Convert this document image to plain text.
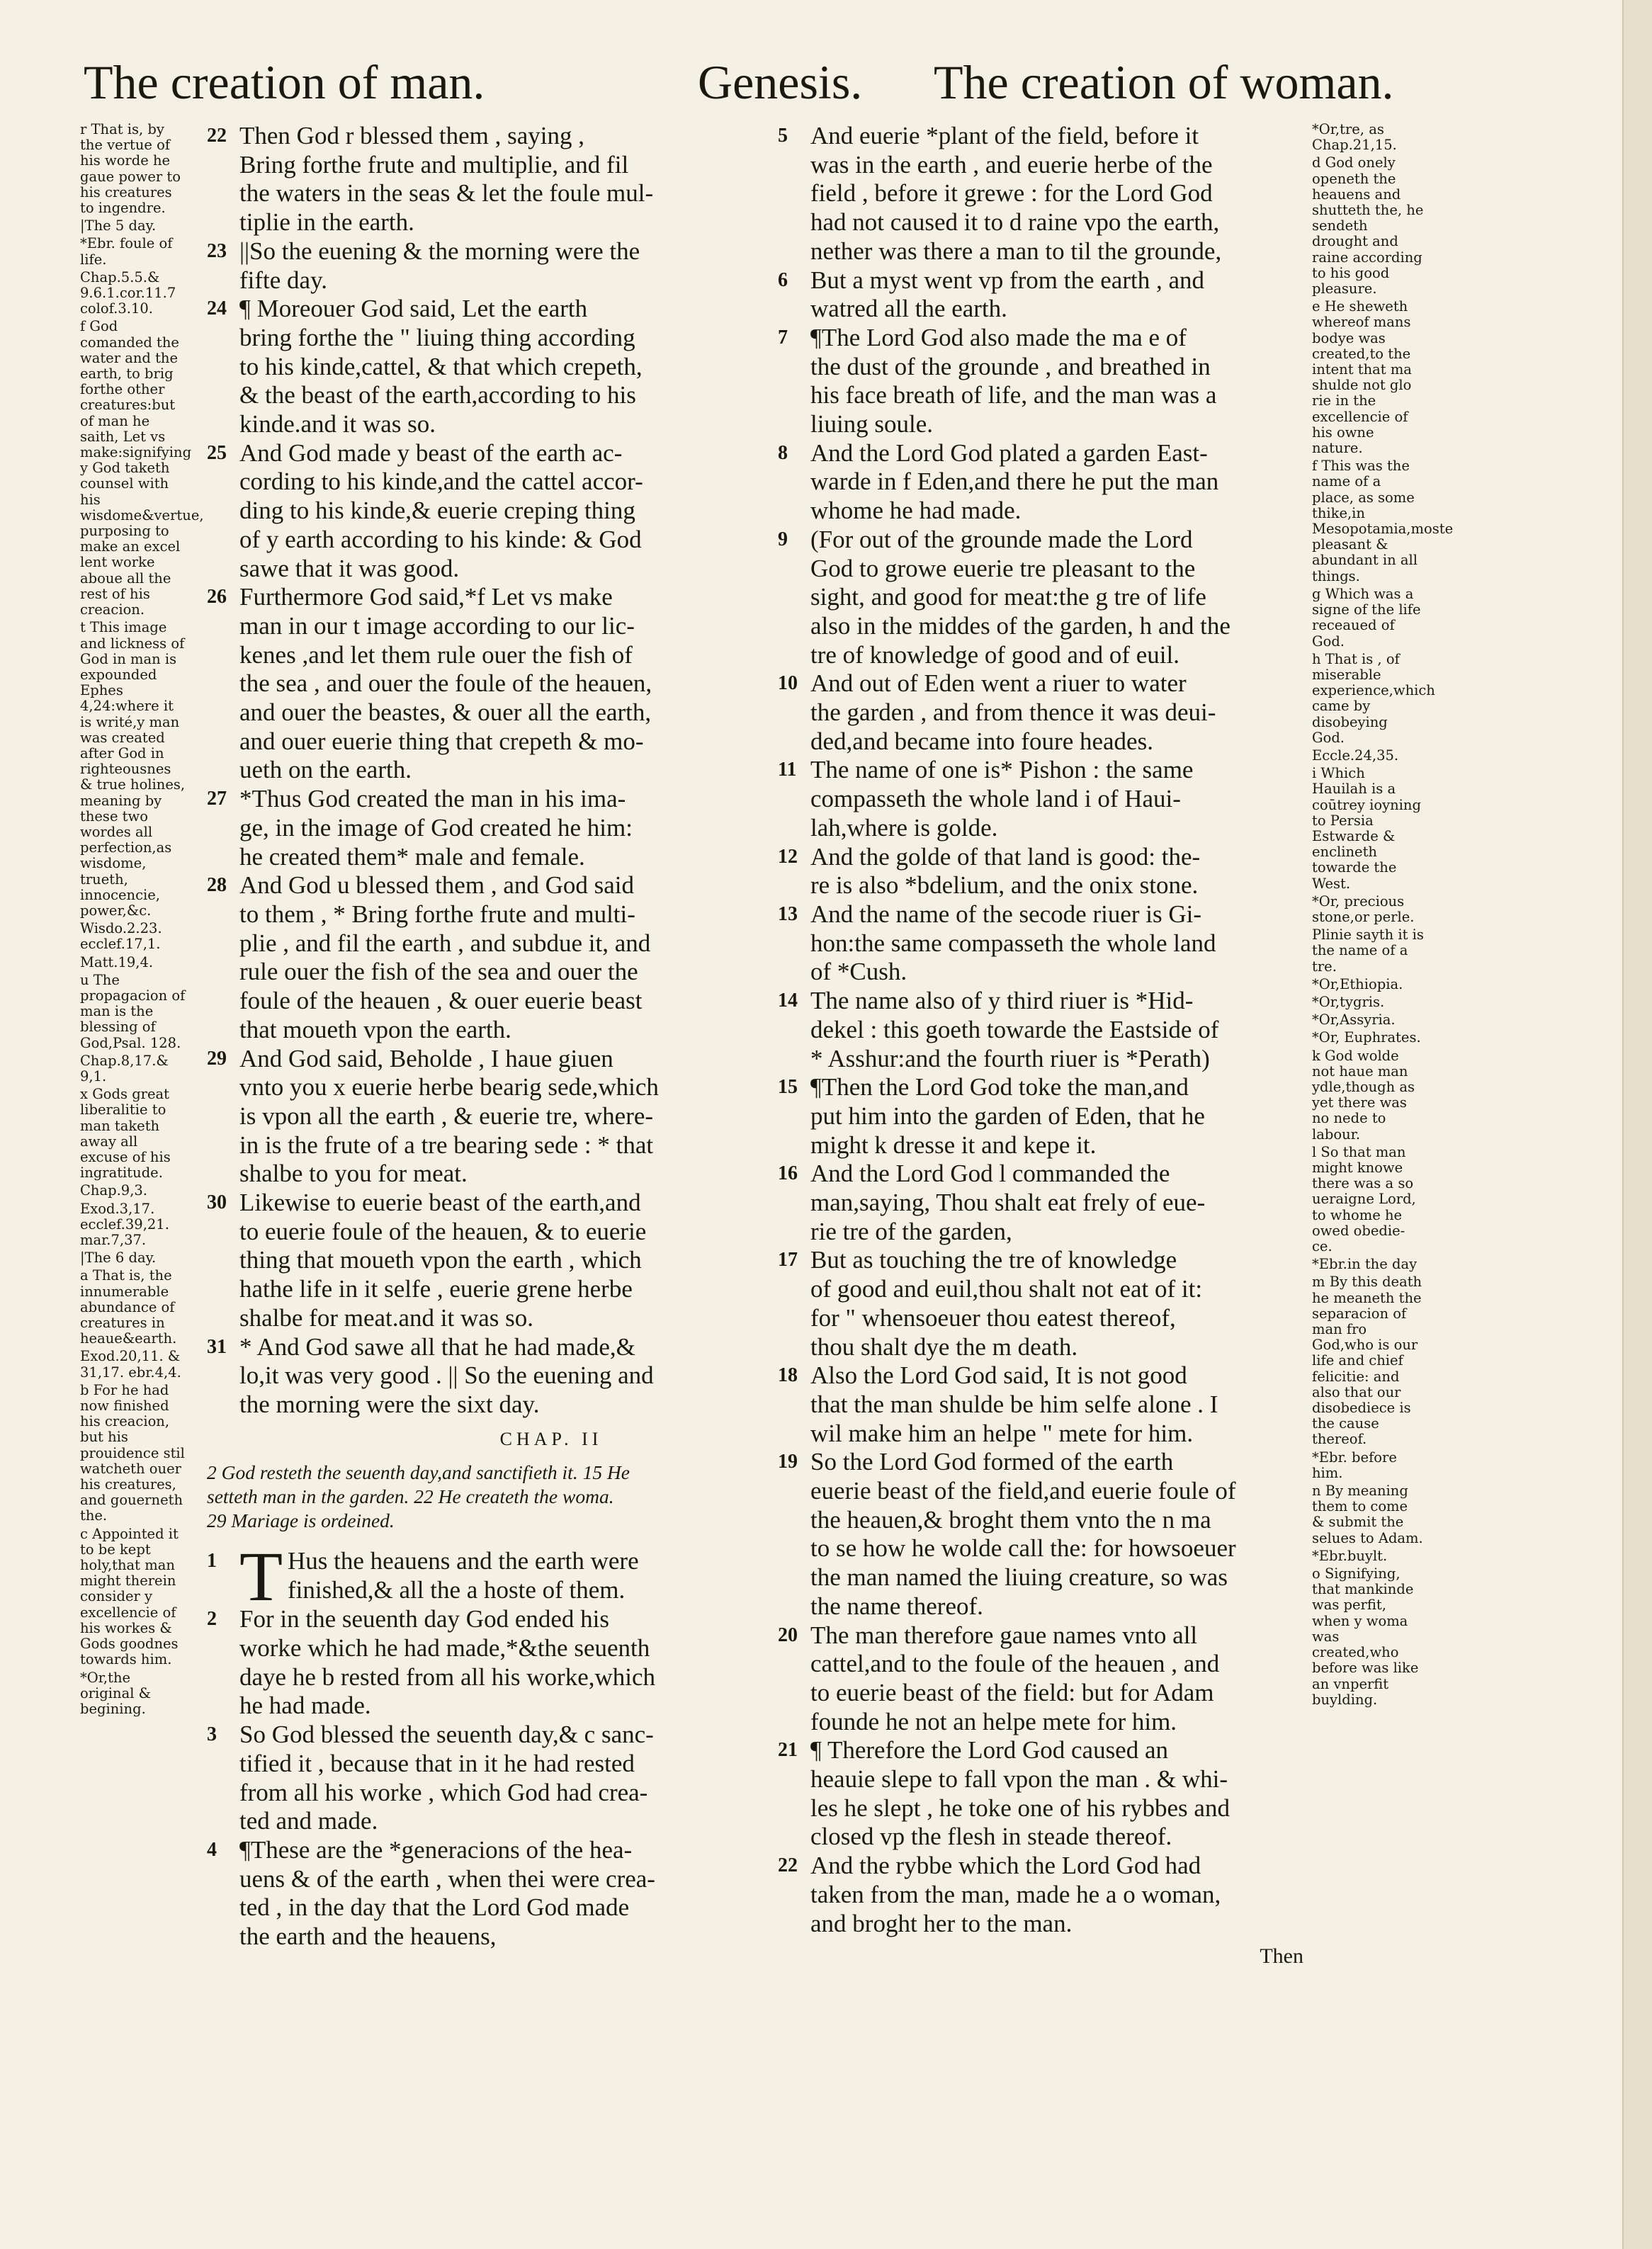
The creation of man.	Genesis. The creation of woman.
r That is, by the vertue of his worde he gaue power to his creatures to ingendre.
|The 5 day.
*Ebr. foule of life.
Chap.5.5.& 9.6.1.cor.11.7 colof.3.10.
f God comanded the water and the earth, to brig forthe other creatures:but of man he saith, Let vs make:signifying y God taketh counsel with his wisdome&vertue, purposing to make an excel lent worke aboue all the rest of his creacion.
t This image and lickness of God in man is expounded Ephes 4,24:where it is writé,y man was created after God in righteousnes & true holines, meaning by these two wordes all perfection,as wisdome, trueth, innocencie, power,&c.
Wisdo.2.23. ecclef.17,1.
Matt.19,4.
u The propagacion of man is the blessing of God,Psal. 128.
Chap.8,17.& 9,1.
x Gods great liberalitie to man taketh away all excuse of his ingratitude.
Chap.9,3.
Exod.3,17. ecclef.39,21. mar.7,37.
|The 6 day.
a That is, the innumerable abundance of creatures in heaue&earth.
Exod.20,11. & 31,17. ebr.4,4.
b For he had now finished his creacion, but his prouidence stil watcheth ouer his creatures, and gouerneth the.
c Appointed it to be kept holy,that man might therein consider y excellencie of his workes & Gods goodnes towards him.
*Or,the original & begining.
22 Then God r blessed them , saying ,
Bring forthe frute and multiplie, and fil
the waters in the seas & let the foule mul-
tiplie in the earth.
23 ||So the euening & the morning were the
fifte day.
24 ¶ Moreouer God said, Let the earth
bring forthe the " liuing thing according
to his kinde,cattel, & that which crepeth,
& the beast of the earth,according to his
kinde.and it was so.
25 And God made y beast of the earth ac-
cording to his kinde,and the cattel accor-
ding to his kinde,& euerie creping thing
of y earth according to his kinde: & God
sawe that it was good.
26 Furthermore God said,*f Let vs make
man in our t image according to our lic-
kenes ,and let them rule ouer the fish of
the sea , and ouer the foule of the heauen,
and ouer the beastes, & ouer all the earth,
and ouer euerie thing that crepeth & mo-
ueth on the earth.
27 *Thus God created the man in his ima-
ge, in the image of God created he him:
he created them* male and female.
28 And God u blessed them , and God said
to them , * Bring forthe frute and multi-
plie , and fil the earth , and subdue it, and
rule ouer the fish of the sea and ouer the
foule of the heauen , & ouer euerie beast
that moueth vpon the earth.
29 And God said, Beholde , I haue giuen
vnto you x euerie herbe bearig sede,which
is vpon all the earth , & euerie tre, where-
in is the frute of a tre bearing sede : * that
shalbe to you for meat.
30 Likewise to euerie beast of the earth,and
to euerie foule of the heauen, & to euerie
thing that moueth vpon the earth , which
hathe life in it selfe , euerie grene herbe
shalbe for meat.and it was so.
31 * And God sawe all that he had made,&
lo,it was very good . || So the euening and
the morning were the sixt day.
CHAP. II
2 God resteth the seuenth day,and sanctifieth it. 15 He
setteth man in the garden. 22 He createth the woma.
29 Mariage is ordeined.
1 T Hus the heauens and the earth were
finished,& all the a hoste of them.
2 For in the seuenth day God ended his
worke which he had made,*&the seuenth
daye he b rested from all his worke,which
he had made.
3 So God blessed the seuenth day,& c sanc-
tified it , because that in it he had rested
from all his worke , which God had crea-
ted and made.
4 ¶These are the *generacions of the hea-
uens & of the earth , when thei were crea-
ted , in the day that the Lord God made
the earth and the heauens,
5 And euerie *plant of the field, before it
was in the earth , and euerie herbe of the
field , before it grewe : for the Lord God
had not caused it to d raine vpo the earth,
nether was there a man to til the grounde,
6 But a myst went vp from the earth , and
watred all the earth.
7 ¶The Lord God also made the ma e of
the dust of the grounde , and breathed in
his face breath of life, and the man was a
liuing soule.
8 And the Lord God plated a garden East-
warde in f Eden,and there he put the man
whome he had made.
9 (For out of the grounde made the Lord
God to growe euerie tre pleasant to the
sight, and good for meat:the g tre of life
also in the middes of the garden, h and the
tre of knowledge of good and of euil.
10 And out of Eden went a riuer to water
the garden , and from thence it was deui-
ded,and became into foure heades.
11 The name of one is* Pishon : the same
compasseth the whole land i of Haui-
lah,where is golde.
12 And the golde of that land is good: the-
re is also *bdelium, and the onix stone.
13 And the name of the secode riuer is Gi-
hon:the same compasseth the whole land
of *Cush.
14 The name also of y third riuer is *Hid-
dekel : this goeth towarde the Eastside of
* Asshur:and the fourth riuer is *Perath)
15 ¶Then the Lord God toke the man,and
put him into the garden of Eden, that he
might k dresse it and kepe it.
16 And the Lord God l commanded the
man,saying, Thou shalt eat frely of eue-
rie tre of the garden,
17 But as touching the tre of knowledge
of good and euil,thou shalt not eat of it:
for " whensoeuer thou eatest thereof,
thou shalt dye the m death.
18 Also the Lord God said, It is not good
that the man shulde be him selfe alone . I
wil make him an helpe " mete for him.
19 So the Lord God formed of the earth
euerie beast of the field,and euerie foule of
the heauen,& broght them vnto the n ma
to se how he wolde call the: for howsoeuer
the man named the liuing creature, so was
the name thereof.
20 The man therefore gaue names vnto all
cattel,and to the foule of the heauen , and
to euerie beast of the field: but for Adam
founde he not an helpe mete for him.
21 ¶ Therefore the Lord God caused an
heauie slepe to fall vpon the man . & whi-
les he slept , he toke one of his rybbes and
closed vp the flesh in steade thereof.
22 And the rybbe which the Lord God had
taken from the man, made he a o woman,
and broght her to the man.
Then
*Or,tre, as Chap.21,15.
d God onely openeth the heauens and shutteth the, he sendeth drought and raine according to his good pleasure.
e He sheweth whereof mans bodye was created,to the intent that ma shulde not glo rie in the excellencie of his owne nature.
f This was the name of a place, as some thike,in Mesopotamia,moste pleasant & abundant in all things.
g Which was a signe of the life receaued of God.
h That is , of miserable experience,which came by disobeying God.
Eccle.24,35.
i Which Hauilah is a coūtrey ioyning to Persia Estwarde & enclineth towarde the West.
*Or, precious stone,or perle.
Plinie sayth it is the name of a tre.
*Or,Ethiopia.
*Or,tygris.
*Or,Assyria.
*Or, Euphrates.
k God wolde not haue man ydle,though as yet there was no nede to labour.
l So that man might knowe there was a so ueraigne Lord, to whome he owed obedie-ce.
*Ebr.in the day
m By this death he meaneth the separacion of man fro God,who is our life and chief felicitie: and also that our disobediece is the cause thereof.
*Ebr. before him.
n By meaning them to come & submit the selues to Adam.
*Ebr.buylt.
o Signifying, that mankinde was perfit, when y woma was created,who before was like an vnperfit buylding.
